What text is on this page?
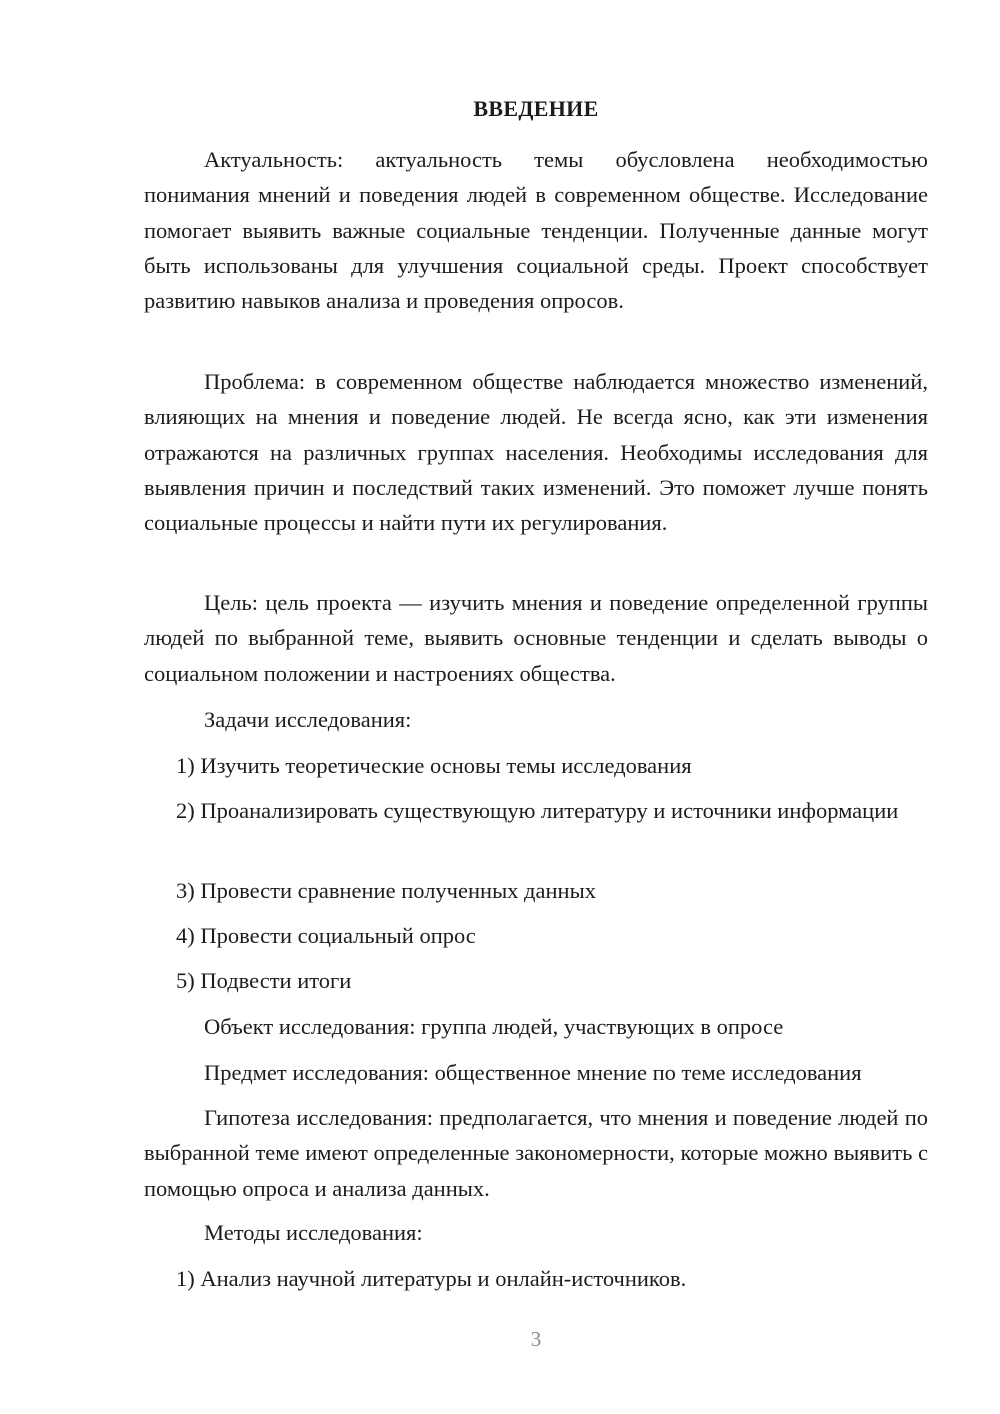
ВВЕДЕНИЕ

Актуальность: актуальность темы обусловлена необходимостью понимания мнений и поведения людей в современном обществе. Исследование помогает выявить важные социальные тенденции. Полученные данные могут быть использованы для улучшения социальной среды. Проект способствует развитию навыков анализа и проведения опросов.

Проблема: в современном обществе наблюдается множество изменений, влияющих на мнения и поведение людей. Не всегда ясно, как эти изменения отражаются на различных группах населения. Необходимы исследования для выявления причин и последствий таких изменений. Это поможет лучше понять социальные процессы и найти пути их регулирования.

Цель: цель проекта — изучить мнения и поведение определенной группы людей по выбранной теме, выявить основные тенденции и сделать выводы о социальном положении и настроениях общества.

Задачи исследования:

1) Изучить теоретические основы темы исследования

2) Проанализировать существующую литературу и источники информации

3) Провести сравнение полученных данных

4) Провести социальный опрос

5) Подвести итоги

Объект исследования: группа людей, участвующих в опросе

Предмет исследования: общественное мнение по теме исследования

Гипотеза исследования: предполагается, что мнения и поведение людей по выбранной теме имеют определенные закономерности, которые можно выявить с помощью опроса и анализа данных.

Методы исследования:

1) Анализ научной литературы и онлайн-источников.

3
